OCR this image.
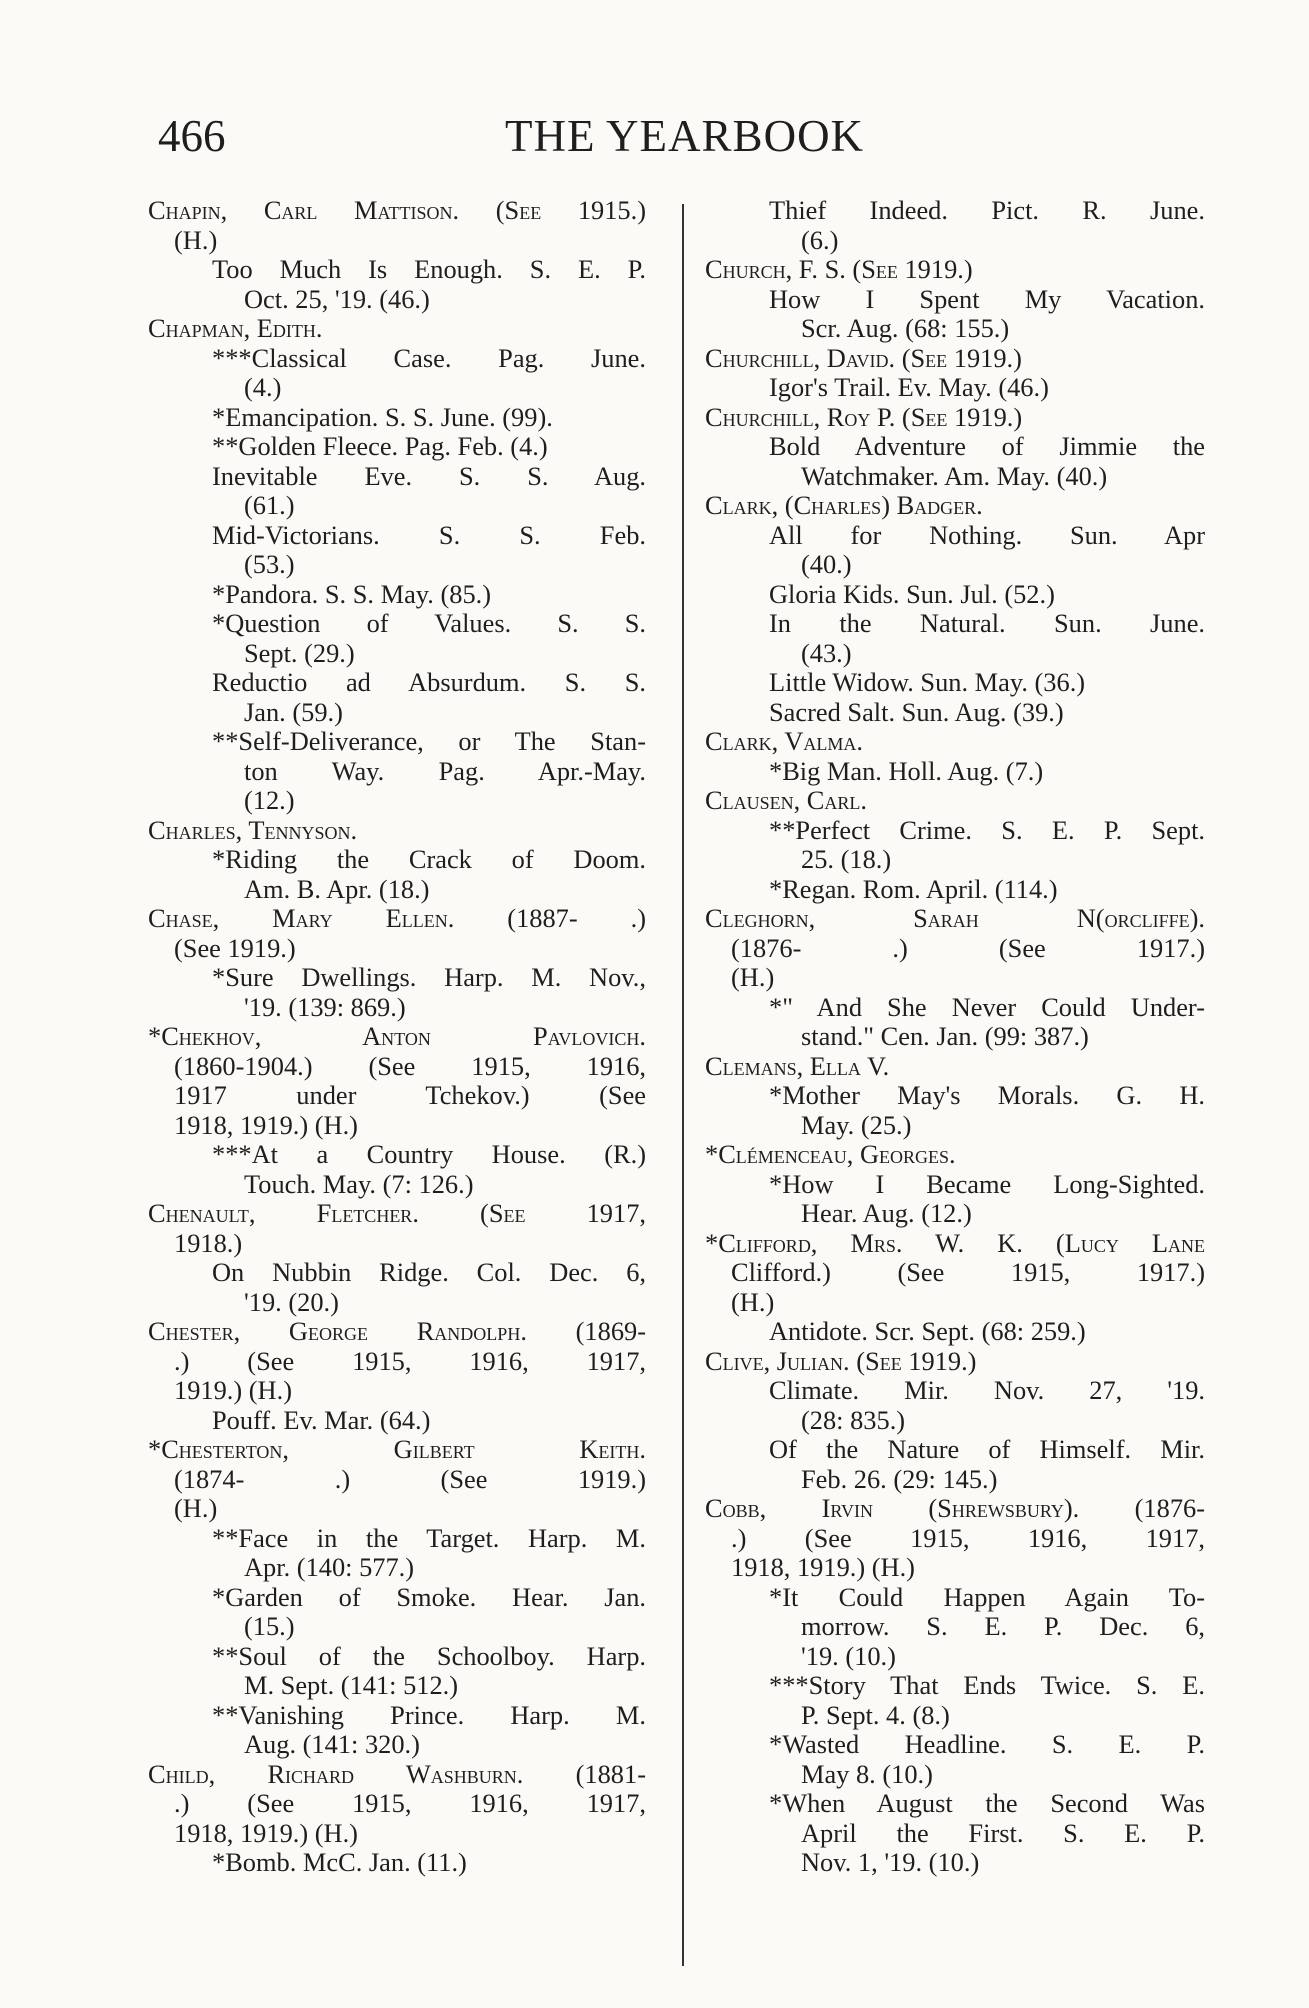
466	THE YEARBOOK
Chapin, Carl Mattison. (See 1915.)
(H.)
Too Much Is Enough. S. E. P.
Oct. 25, '19. (46.)
Chapman, Edith.
***Classical Case. Pag. June.
(4.)
*Emancipation. S. S. June. (99).
**Golden Fleece. Pag. Feb. (4.)
Inevitable Eve. S. S. Aug.
(61.)
Mid-Victorians. S. S. Feb.
(53.)
*Pandora. S. S. May. (85.)
*Question of Values. S. S.
Sept. (29.)
Reductio ad Absurdum. S. S.
Jan. (59.)
**Self-Deliverance, or The Stan-
ton Way. Pag. Apr.-May.
(12.)
Charles, Tennyson.
*Riding the Crack of Doom.
Am. B. Apr. (18.)
Chase, Mary Ellen. (1887- .)
(See 1919.)
*Sure Dwellings. Harp. M. Nov.,
'19. (139: 869.)
*Chekhov, Anton Pavlovich.
(1860-1904.) (See 1915, 1916,
1917 under Tchekov.) (See
1918, 1919.) (H.)
***At a Country House. (R.)
Touch. May. (7: 126.)
Chenault, Fletcher. (See 1917,
1918.)
On Nubbin Ridge. Col. Dec. 6,
'19. (20.)
Chester, George Randolph. (1869-
.) (See 1915, 1916, 1917,
1919.) (H.)
Pouff. Ev. Mar. (64.)
*Chesterton, Gilbert Keith.
(1874- .) (See 1919.)
(H.)
**Face in the Target. Harp. M.
Apr. (140: 577.)
*Garden of Smoke. Hear. Jan.
(15.)
**Soul of the Schoolboy. Harp.
M. Sept. (141: 512.)
**Vanishing Prince. Harp. M.
Aug. (141: 320.)
Child, Richard Washburn. (1881-
.) (See 1915, 1916, 1917,
1918, 1919.) (H.)
*Bomb. McC. Jan. (11.)
Thief Indeed. Pict. R. June.
(6.)
Church, F. S. (See 1919.)
How I Spent My Vacation.
Scr. Aug. (68: 155.)
Churchill, David. (See 1919.)
Igor's Trail. Ev. May. (46.)
Churchill, Roy P. (See 1919.)
Bold Adventure of Jimmie the
Watchmaker. Am. May. (40.)
Clark, (Charles) Badger.
All for Nothing. Sun. Apr
(40.)
Gloria Kids. Sun. Jul. (52.)
In the Natural. Sun. June.
(43.)
Little Widow. Sun. May. (36.)
Sacred Salt. Sun. Aug. (39.)
Clark, Valma.
*Big Man. Holl. Aug. (7.)
Clausen, Carl.
**Perfect Crime. S. E. P. Sept.
25. (18.)
*Regan. Rom. April. (114.)
Cleghorn, Sarah N(orcliffe).
(1876- .) (See 1917.)
(H.)
*" And She Never Could Under-
stand." Cen. Jan. (99: 387.)
Clemans, Ella V.
*Mother May's Morals. G. H.
May. (25.)
*Clémenceau, Georges.
*How I Became Long-Sighted.
Hear. Aug. (12.)
*Clifford, Mrs. W. K. (Lucy Lane
Clifford.) (See 1915, 1917.)
(H.)
Antidote. Scr. Sept. (68: 259.)
Clive, Julian. (See 1919.)
Climate. Mir. Nov. 27, '19.
(28: 835.)
Of the Nature of Himself. Mir.
Feb. 26. (29: 145.)
Cobb, Irvin (Shrewsbury). (1876-
.) (See 1915, 1916, 1917,
1918, 1919.) (H.)
*It Could Happen Again To-
morrow. S. E. P. Dec. 6,
'19. (10.)
***Story That Ends Twice. S. E.
P. Sept. 4. (8.)
*Wasted Headline. S. E. P.
May 8. (10.)
*When August the Second Was
April the First. S. E. P.
Nov. 1, '19. (10.)
